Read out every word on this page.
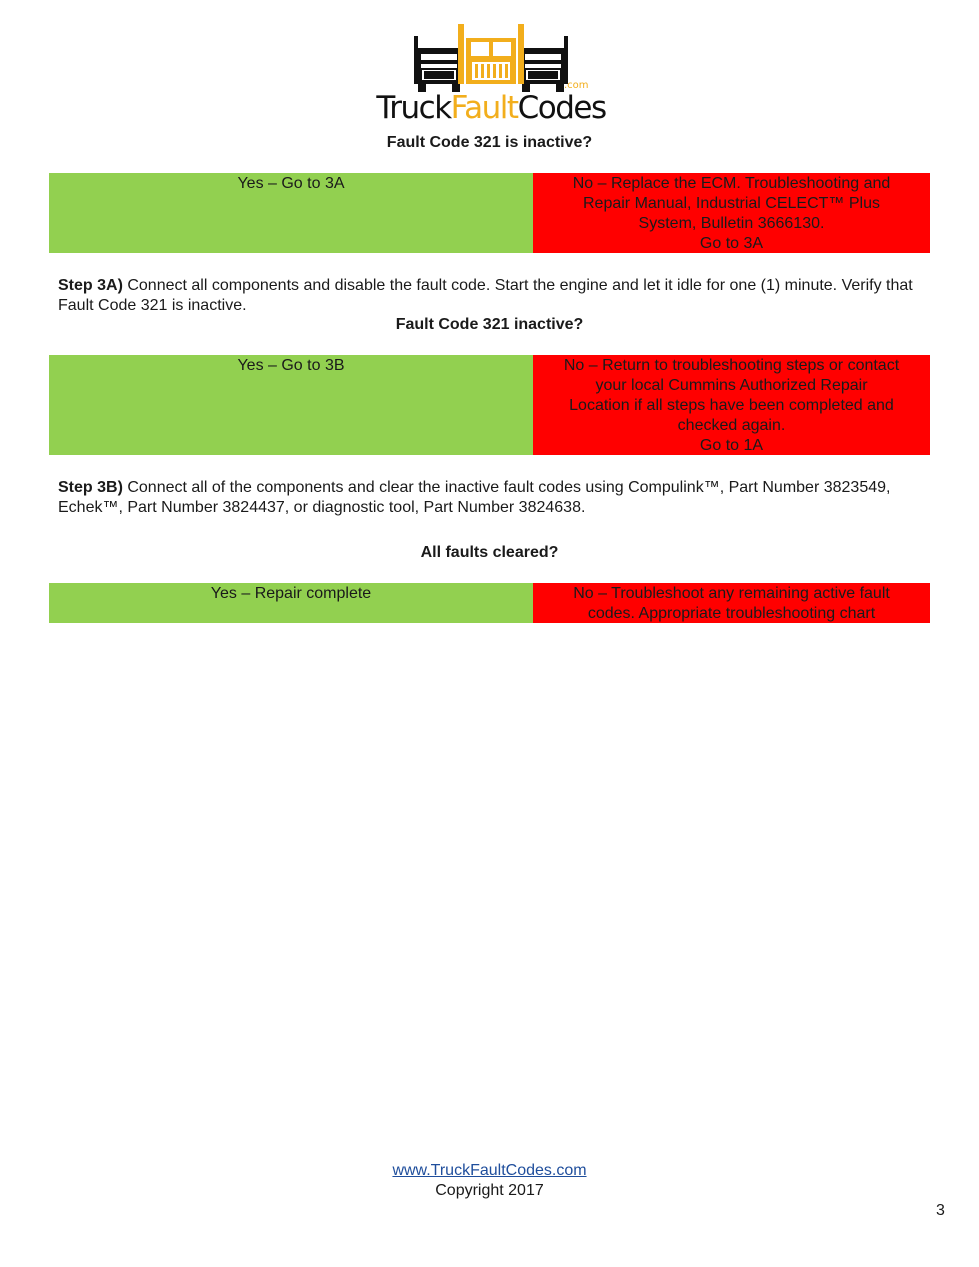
.com
TruckFaultCodes
Fault Code 321 is inactive?
Yes – Go to 3A	No – Replace the ECM. Troubleshooting and
Repair Manual, Industrial CELECT™ Plus
System, Bulletin 3666130.
Go to 3A
Step 3A) Connect all components and disable the fault code. Start the engine and let it idle for one (1) minute. Verify that Fault Code 321 is inactive.
Fault Code 321 inactive?
Yes – Go to 3B	No – Return to troubleshooting steps or contact
your local Cummins Authorized Repair
Location if all steps have been completed and
checked again.
Go to 1A
Step 3B) Connect all of the components and clear the inactive fault codes using Compulink™, Part Number 3823549, Echek™, Part Number 3824437, or diagnostic tool, Part Number 3824638.
All faults cleared?
Yes – Repair complete	No – Troubleshoot any remaining active fault
codes. Appropriate troubleshooting chart
www.TruckFaultCodes.com
Copyright 2017
3
